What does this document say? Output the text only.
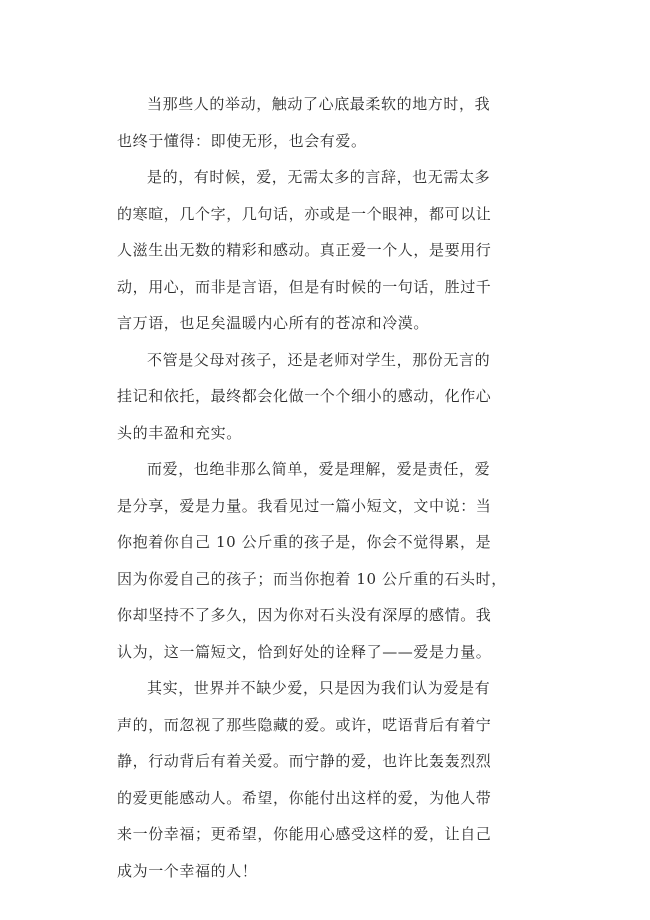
当那些人的举动，触动了心底最柔软的地方时，我
也终于懂得：即使无形，也会有爱。

是的，有时候，爱，无需太多的言辞，也无需太多
的寒暄，几个字，几句话，亦或是一个眼神，都可以让
人滋生出无数的精彩和感动。真正爱一个人，是要用行
动，用心，而非是言语，但是有时候的一句话，胜过千
言万语，也足矣温暖内心所有的苍凉和冷漠。

不管是父母对孩子，还是老师对学生，那份无言的
挂记和依托，最终都会化做一个个细小的感动，化作心
头的丰盈和充实。

而爱，也绝非那么简单，爱是理解，爱是责任，爱
是分享，爱是力量。我看见过一篇小短文，文中说：当
你抱着你自己 10 公斤重的孩子是，你会不觉得累，是
因为你爱自己的孩子；而当你抱着 10 公斤重的石头时，
你却坚持不了多久，因为你对石头没有深厚的感情。我
认为，这一篇短文，恰到好处的诠释了——爱是力量。

其实，世界并不缺少爱，只是因为我们认为爱是有
声的，而忽视了那些隐藏的爱。或许，呓语背后有着宁
静，行动背后有着关爱。而宁静的爱，也许比轰轰烈烈
的爱更能感动人。希望，你能付出这样的爱，为他人带
来一份幸福；更希望，你能用心感受这样的爱，让自己
成为一个幸福的人！
